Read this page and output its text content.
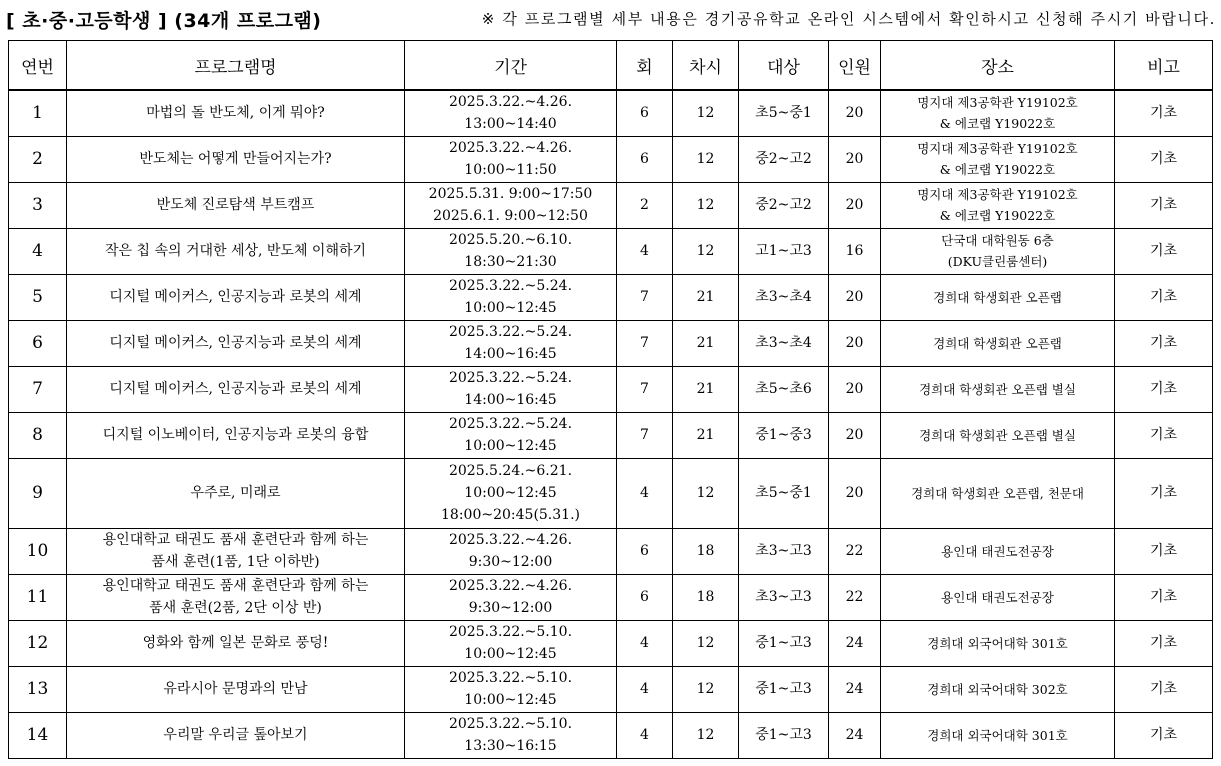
[ 초·중·고등학생 ] (34개 프로그램)	※ 각 프로그램별 세부 내용은 경기공유학교 온라인 시스템에서 확인하시고 신청해 주시기 바랍니다.
연번	프로그램명	기간	회	차시	대상	인원	장소	비고
1	마법의 돌 반도체, 이게 뭐야?	2025.3.22.~4.26.
13:00~14:40	6	12	초5~중1	20	명지대 제3공학관 Y19102호
& 에코랩 Y19022호	기초
2	반도체는 어떻게 만들어지는가?	2025.3.22.~4.26.
10:00~11:50	6	12	중2~고2	20	명지대 제3공학관 Y19102호
& 에코랩 Y19022호	기초
3	반도체 진로탐색 부트캠프	2025.5.31. 9:00~17:50
2025.6.1. 9:00~12:50	2	12	중2~고2	20	명지대 제3공학관 Y19102호
& 에코랩 Y19022호	기초
4	작은 칩 속의 거대한 세상, 반도체 이해하기	2025.5.20.~6.10.
18:30~21:30	4	12	고1~고3	16	단국대 대학원동 6층
(DKU클린룸센터)	기초
5	디지털 메이커스, 인공지능과 로봇의 세계	2025.3.22.~5.24.
10:00~12:45	7	21	초3~초4	20	경희대 학생회관 오픈랩	기초
6	디지털 메이커스, 인공지능과 로봇의 세계	2025.3.22.~5.24.
14:00~16:45	7	21	초3~초4	20	경희대 학생회관 오픈랩	기초
7	디지털 메이커스, 인공지능과 로봇의 세계	2025.3.22.~5.24.
14:00~16:45	7	21	초5~초6	20	경희대 학생회관 오픈랩 별실	기초
8	디지털 이노베이터, 인공지능과 로봇의 융합	2025.3.22.~5.24.
10:00~12:45	7	21	중1~중3	20	경희대 학생회관 오픈랩 별실	기초
9	우주로, 미래로	2025.5.24.~6.21.
10:00~12:45
18:00~20:45(5.31.)	4	12	초5~중1	20	경희대 학생회관 오픈랩, 천문대	기초
10	용인대학교 태권도 품새 훈련단과 함께 하는
품새 훈련(1품, 1단 이하반)	2025.3.22.~4.26.
9:30~12:00	6	18	초3~고3	22	용인대 태권도전공장	기초
11	용인대학교 태권도 품새 훈련단과 함께 하는
품새 훈련(2품, 2단 이상 반)	2025.3.22.~4.26.
9:30~12:00	6	18	초3~고3	22	용인대 태권도전공장	기초
12	영화와 함께 일본 문화로 풍덩!	2025.3.22.~5.10.
10:00~12:45	4	12	중1~고3	24	경희대 외국어대학 301호	기초
13	유라시아 문명과의 만남	2025.3.22.~5.10.
10:00~12:45	4	12	중1~고3	24	경희대 외국어대학 302호	기초
14	우리말 우리글 톺아보기	2025.3.22.~5.10.
13:30~16:15	4	12	중1~고3	24	경희대 외국어대학 301호	기초
